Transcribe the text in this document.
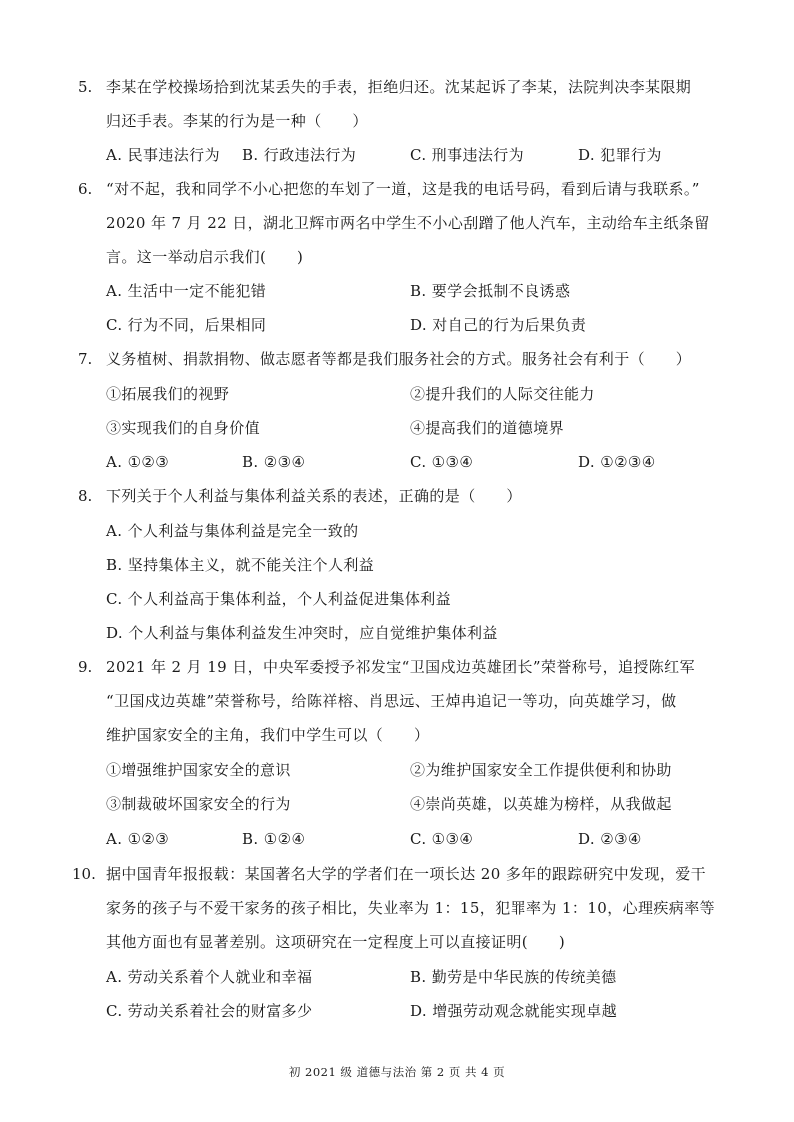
5. 李某在学校操场拾到沈某丢失的手表，拒绝归还。沈某起诉了李某，法院判决李某限期
归还手表。李某的行为是一种（　　）
A. 民事违法行为 B. 行政违法行为	C. 刑事违法行为	D. 犯罪行为
6. “对不起，我和同学不小心把您的车划了一道，这是我的电话号码，看到后请与我联系。”
2020 年 7 月 22 日，湖北卫辉市两名中学生不小心刮蹭了他人汽车，主动给车主纸条留
言。这一举动启示我们(　　)
A. 生活中一定不能犯错	B. 要学会抵制不良诱惑
C. 行为不同，后果相同	D. 对自己的行为后果负责
7. 义务植树、捐款捐物、做志愿者等都是我们服务社会的方式。服务社会有利于（　　）
①拓展我们的视野	②提升我们的人际交往能力
③实现我们的自身价值	④提高我们的道德境界
A. ①②③	B. ②③④	C. ①③④	D. ①②③④
8. 下列关于个人利益与集体利益关系的表述，正确的是（　　）
A. 个人利益与集体利益是完全一致的
B. 坚持集体主义，就不能关注个人利益
C. 个人利益高于集体利益，个人利益促进集体利益
D. 个人利益与集体利益发生冲突时，应自觉维护集体利益
9. 2021 年 2 月 19 日，中央军委授予祁发宝“卫国戍边英雄团长”荣誉称号，追授陈红军
“卫国戍边英雄”荣誉称号，给陈祥榕、肖思远、王焯冉追记一等功，向英雄学习，做
维护国家安全的主角，我们中学生可以（　　）
①增强维护国家安全的意识	②为维护国家安全工作提供便利和协助
③制裁破坏国家安全的行为	④崇尚英雄，以英雄为榜样，从我做起
A. ①②③	B. ①②④	C. ①③④	D. ②③④
10. 据中国青年报报载：某国著名大学的学者们在一项长达 20 多年的跟踪研究中发现，爱干
家务的孩子与不爱干家务的孩子相比，失业率为 1：15，犯罪率为 1：10，心理疾病率等
其他方面也有显著差别。这项研究在一定程度上可以直接证明(　　)
A. 劳动关系着个人就业和幸福	B. 勤劳是中华民族的传统美德
C. 劳动关系着社会的财富多少	D. 增强劳动观念就能实现卓越
初 2021 级 道德与法治 第 2 页 共 4 页
